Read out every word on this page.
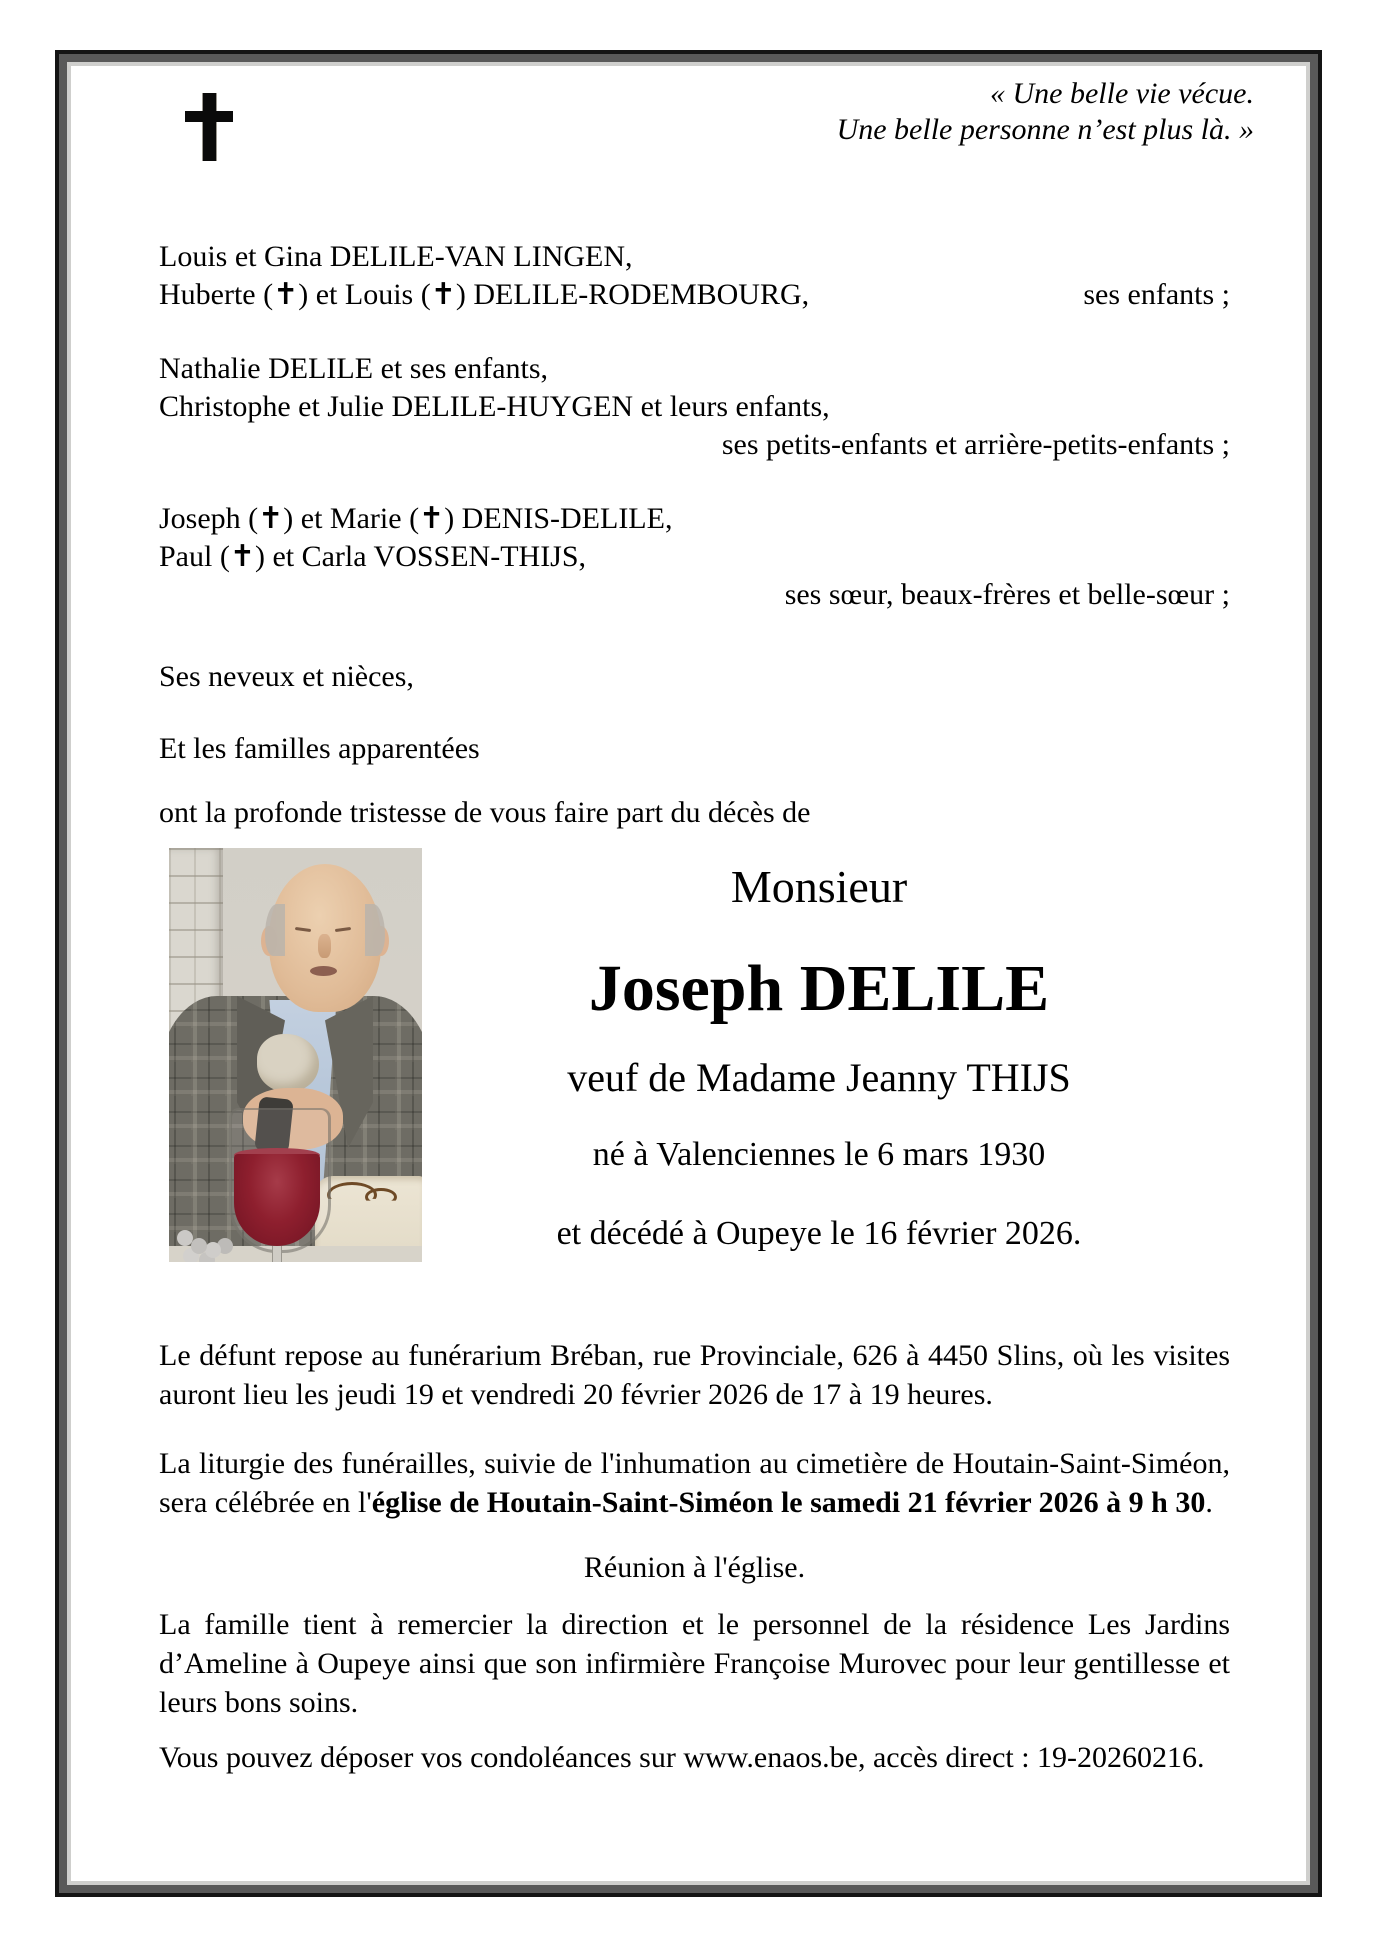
« Une belle vie vécue.
Une belle personne n’est plus là. »
Louis et Gina DELILE-VAN LINGEN,
Huberte (✝) et Louis (✝) DELILE-RODEMBOURG,	ses enfants ;
Nathalie DELILE et ses enfants,
Christophe et Julie DELILE-HUYGEN et leurs enfants,
ses petits-enfants et arrière-petits-enfants ;
Joseph (✝) et Marie (✝) DENIS-DELILE,
Paul (✝) et Carla VOSSEN-THIJS,
ses sœur, beaux-frères et belle-sœur ;

Ses neveux et nièces,

Et les familles apparentées

ont la profonde tristesse de vous faire part du décès de

Monsieur
Joseph DELILE
veuf de Madame Jeanny THIJS
né à Valenciennes le 6 mars 1930
et décédé à Oupeye le 16 février 2026.

Le défunt repose au funérarium Bréban, rue Provinciale, 626 à 4450 Slins, où les visites auront lieu les jeudi 19 et vendredi 20 février 2026 de 17 à 19 heures.

La liturgie des funérailles, suivie de l'inhumation au cimetière de Houtain-Saint-Siméon, sera célébrée en l'église de Houtain-Saint-Siméon le samedi 21 février 2026 à 9 h 30.

Réunion à l'église.

La famille tient à remercier la direction et le personnel de la résidence Les Jardins d’Ameline à Oupeye ainsi que son infirmière Françoise Murovec pour leur gentillesse et leurs bons soins.

Vous pouvez déposer vos condoléances sur www.enaos.be, accès direct : 19-20260216.
